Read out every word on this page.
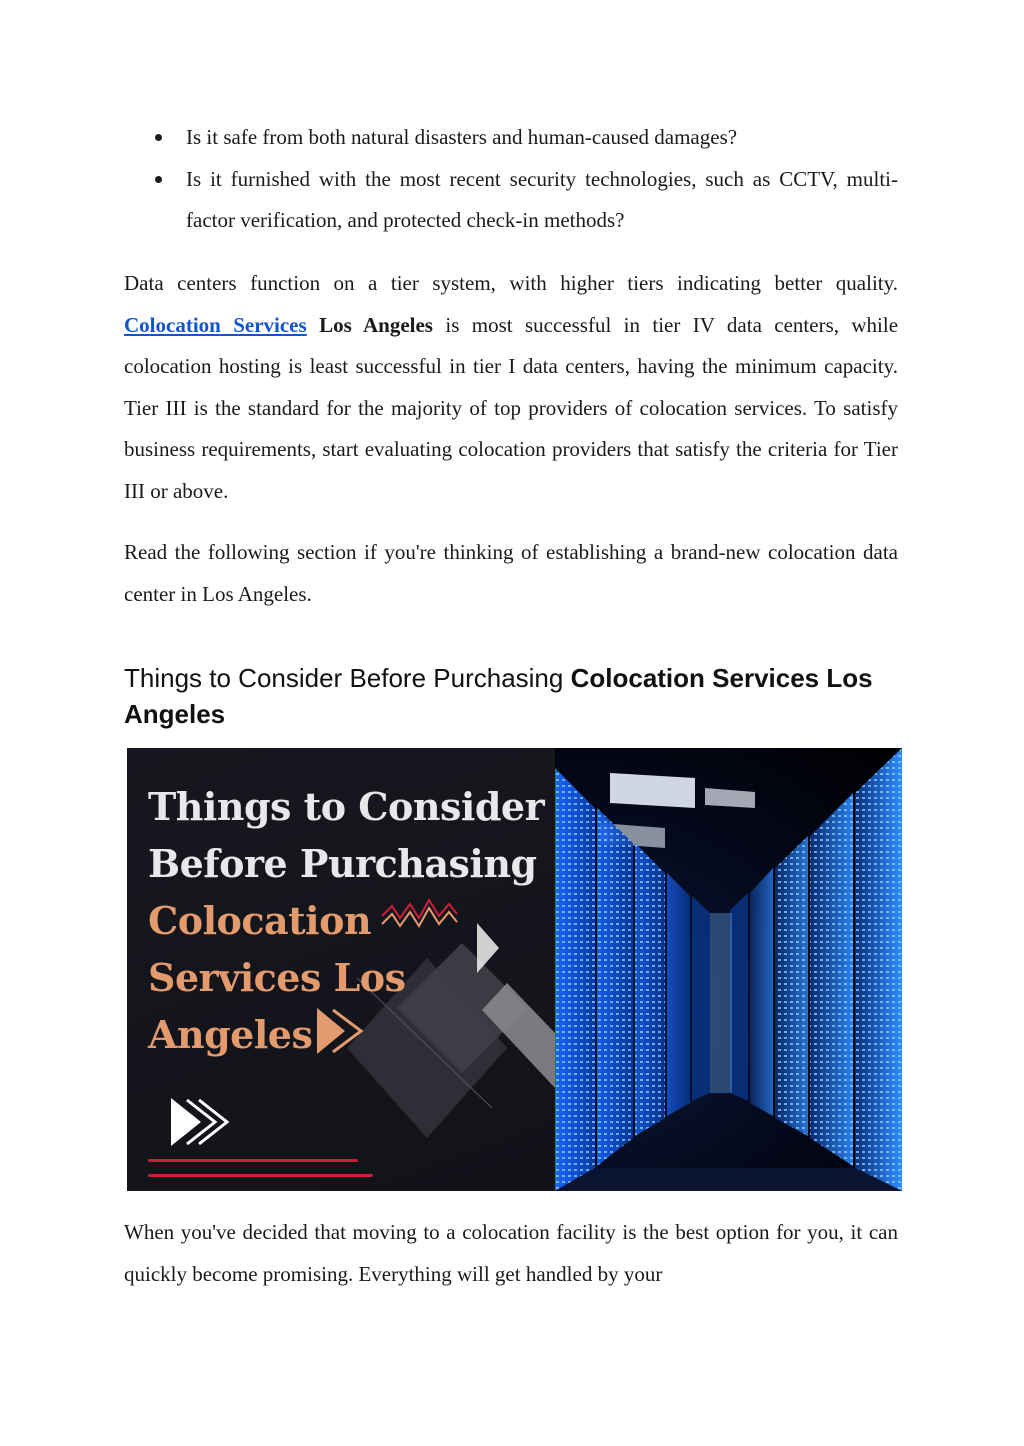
Is it safe from both natural disasters and human-caused damages?
Is it furnished with the most recent security technologies, such as CCTV, multi-factor verification, and protected check-in methods?

Data centers function on a tier system, with higher tiers indicating better quality. Colocation Services Los Angeles is most successful in tier IV data centers, while colocation hosting is least successful in tier I data centers, having the minimum capacity. Tier III is the standard for the majority of top providers of colocation services. To satisfy business requirements, start evaluating colocation providers that satisfy the criteria for Tier III or above.

Read the following section if you're thinking of establishing a brand-new colocation data center in Los Angeles.

Things to Consider Before Purchasing Colocation Services Los Angeles

When you've decided that moving to a colocation facility is the best option for you, it can quickly become promising. Everything will get handled by your

Things to Consider
Before Purchasing
Colocation
Services Los
Angeles
